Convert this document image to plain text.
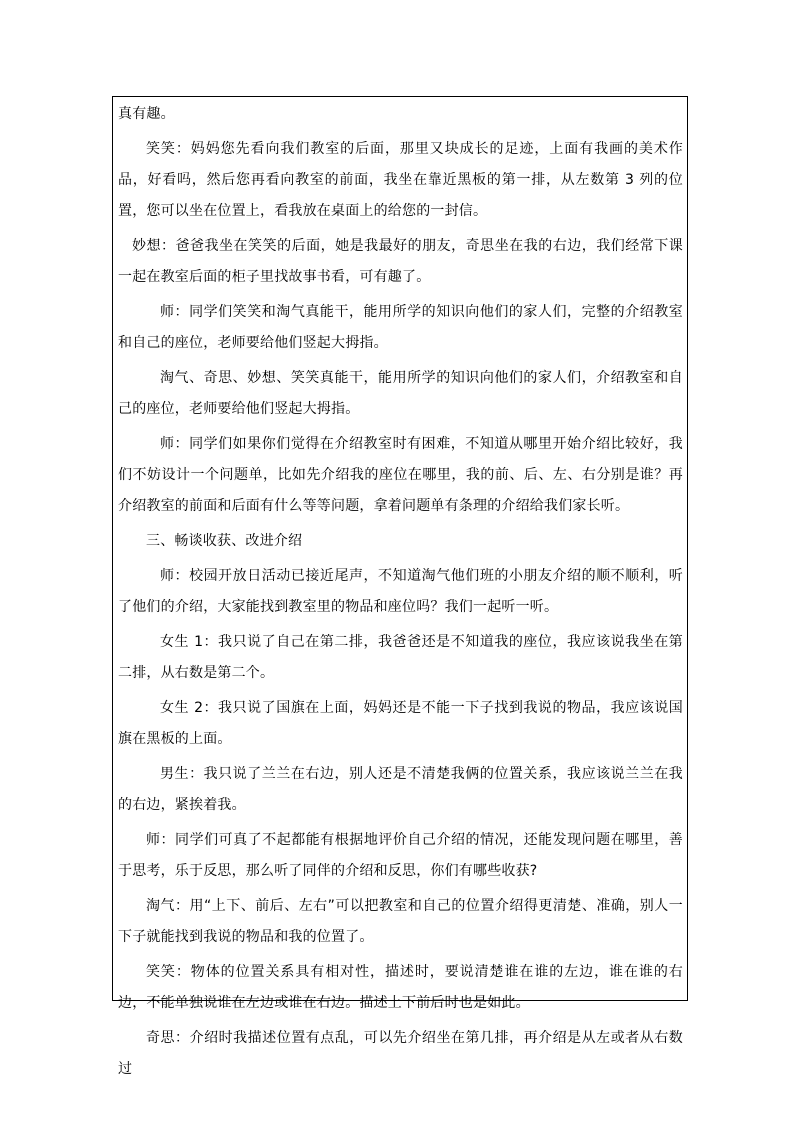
真有趣。

笑笑：妈妈您先看向我们教室的后面，那里又块成长的足迹，上面有我画的美术作品，好看吗，然后您再看向教室的前面，我坐在靠近黑板的第一排，从左数第 3 列的位置，您可以坐在位置上，看我放在桌面上的给您的一封信。

妙想：爸爸我坐在笑笑的后面，她是我最好的朋友，奇思坐在我的右边，我们经常下课一起在教室后面的柜子里找故事书看，可有趣了。

师：同学们笑笑和淘气真能干，能用所学的知识向他们的家人们，完整的介绍教室和自己的座位，老师要给他们竖起大拇指。

淘气、奇思、妙想、笑笑真能干，能用所学的知识向他们的家人们，介绍教室和自己的座位，老师要给他们竖起大拇指。

师：同学们如果你们觉得在介绍教室时有困难，不知道从哪里开始介绍比较好，我们不妨设计一个问题单，比如先介绍我的座位在哪里，我的前、后、左、右分别是谁？再介绍教室的前面和后面有什么等等问题，拿着问题单有条理的介绍给我们家长听。

三、畅谈收获、改进介绍

师：校园开放日活动已接近尾声，不知道淘气他们班的小朋友介绍的顺不顺利，听了他们的介绍，大家能找到教室里的物品和座位吗？我们一起听一听。

女生 1：我只说了自己在第二排，我爸爸还是不知道我的座位，我应该说我坐在第二排，从右数是第二个。

女生 2：我只说了国旗在上面，妈妈还是不能一下子找到我说的物品，我应该说国旗在黑板的上面。

男生：我只说了兰兰在右边，别人还是不清楚我俩的位置关系，我应该说兰兰在我的右边，紧挨着我。

师：同学们可真了不起都能有根据地评价自己介绍的情况，还能发现问题在哪里，善于思考，乐于反思，那么听了同伴的介绍和反思，你们有哪些收获?

淘气：用“上下、前后、左右”可以把教室和自己的位置介绍得更清楚、准确，别人一下子就能找到我说的物品和我的位置了。

笑笑：物体的位置关系具有相对性，描述时，要说清楚谁在谁的左边，谁在谁的右边，不能单独说谁在左边或谁在右边。描述上下前后时也是如此。

奇思：介绍时我描述位置有点乱，可以先介绍坐在第几排，再介绍是从左或者从右数过
